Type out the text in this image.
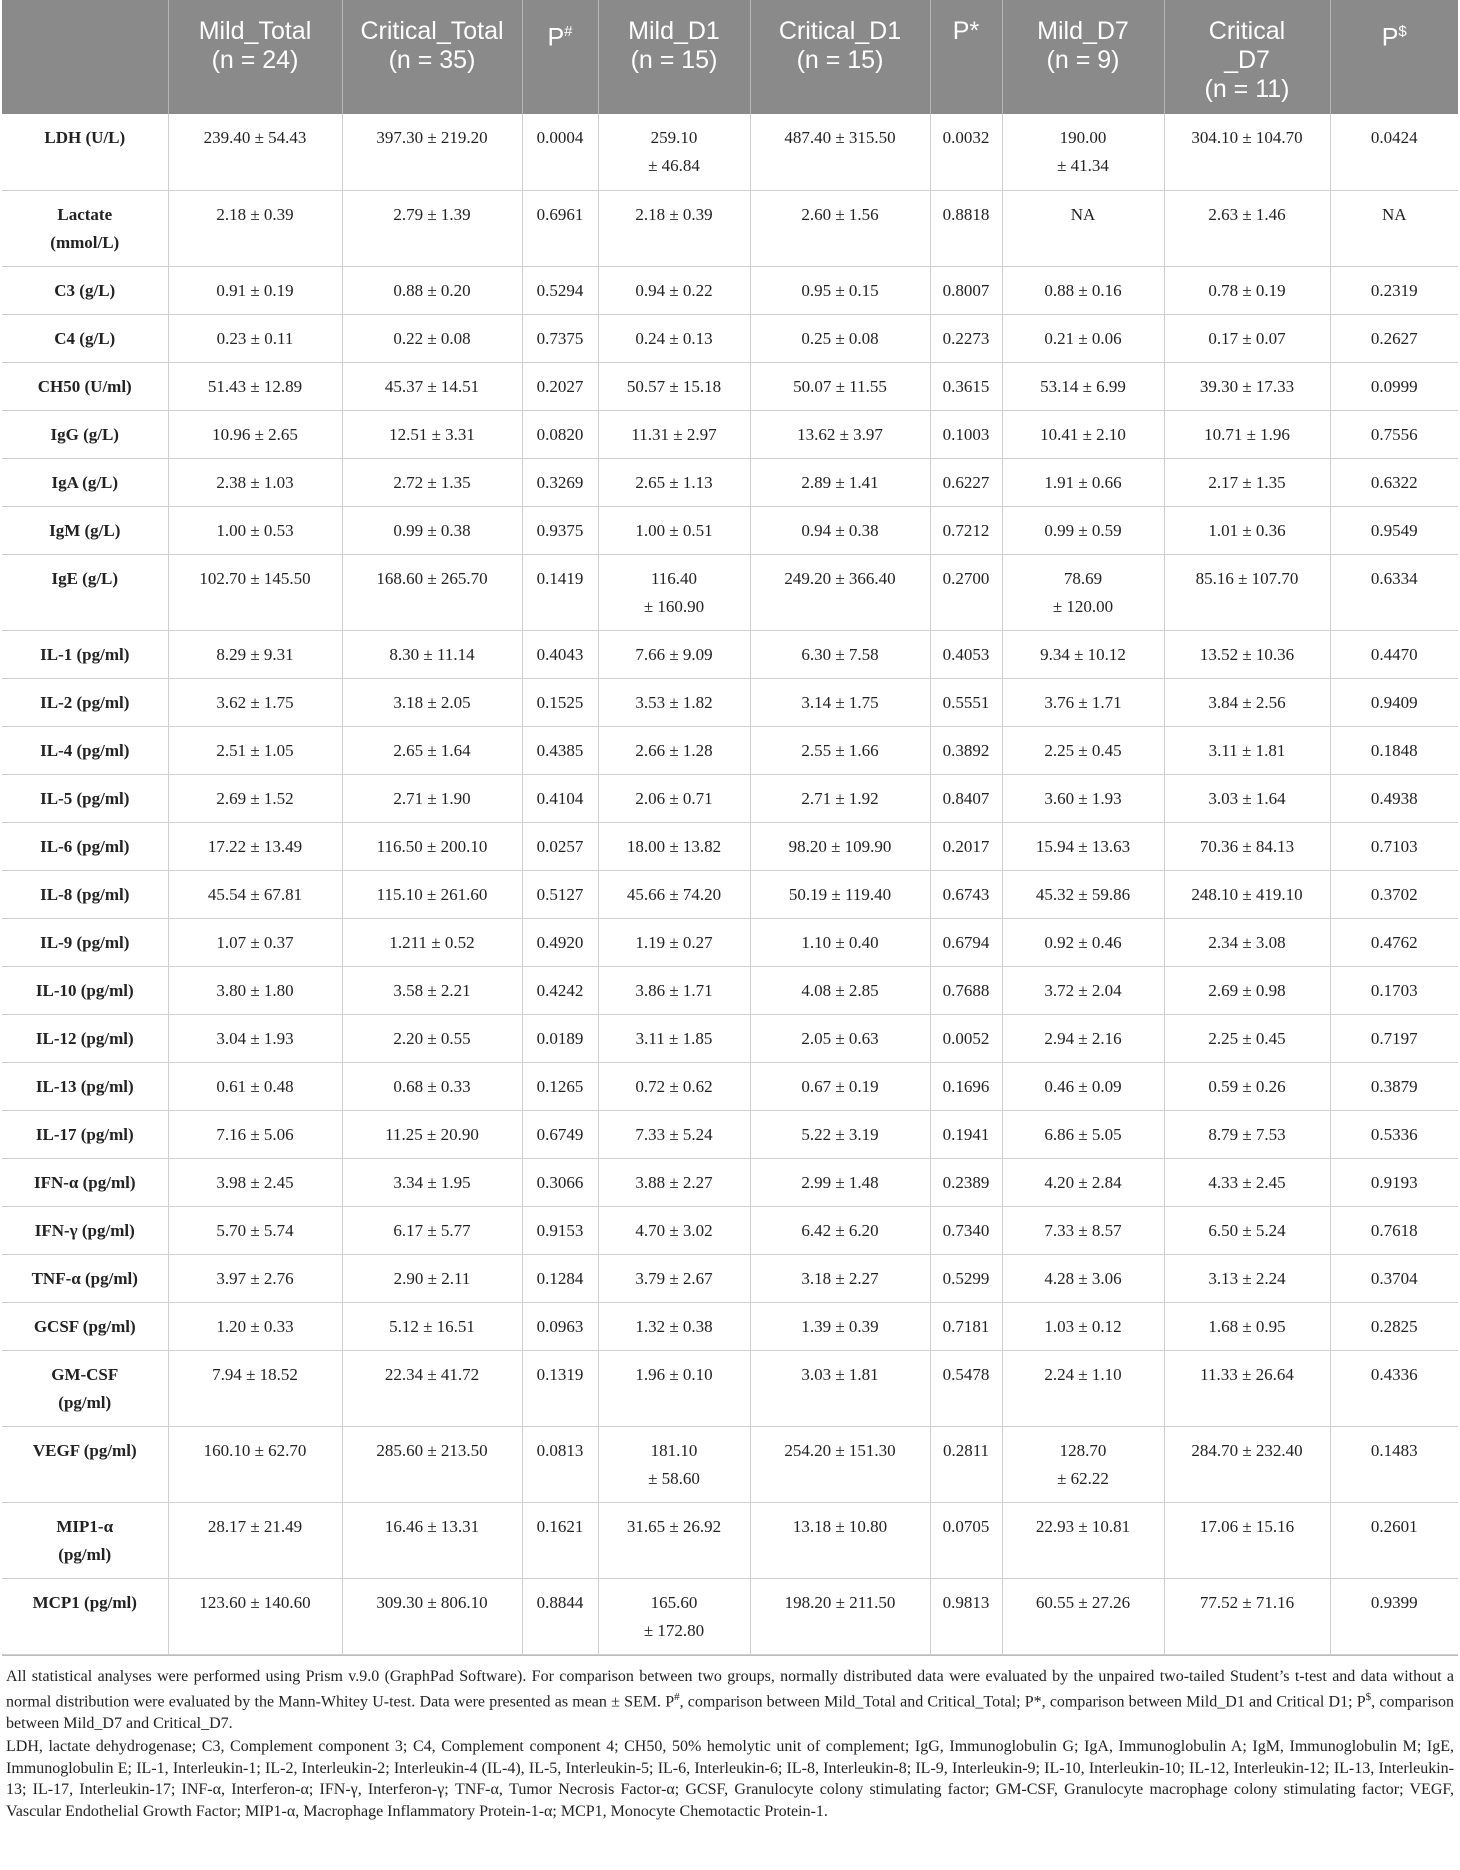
	Mild_Total
(n = 24)	Critical_Total
(n = 35)	P#	Mild_D1
(n = 15)	Critical_D1
(n = 15)	P*	Mild_D7
(n = 9)	Critical
_D7
(n = 11)	P$
LDH (U/L)	239.40 ± 54.43	397.30 ± 219.20	0.0004	259.10
± 46.84	487.40 ± 315.50	0.0032	190.00
± 41.34	304.10 ± 104.70	0.0424
Lactate
(mmol/L)	2.18 ± 0.39	2.79 ± 1.39	0.6961	2.18 ± 0.39	2.60 ± 1.56	0.8818	NA	2.63 ± 1.46	NA
C3 (g/L)	0.91 ± 0.19	0.88 ± 0.20	0.5294	0.94 ± 0.22	0.95 ± 0.15	0.8007	0.88 ± 0.16	0.78 ± 0.19	0.2319
C4 (g/L)	0.23 ± 0.11	0.22 ± 0.08	0.7375	0.24 ± 0.13	0.25 ± 0.08	0.2273	0.21 ± 0.06	0.17 ± 0.07	0.2627
CH50 (U/ml)	51.43 ± 12.89	45.37 ± 14.51	0.2027	50.57 ± 15.18	50.07 ± 11.55	0.3615	53.14 ± 6.99	39.30 ± 17.33	0.0999
IgG (g/L)	10.96 ± 2.65	12.51 ± 3.31	0.0820	11.31 ± 2.97	13.62 ± 3.97	0.1003	10.41 ± 2.10	10.71 ± 1.96	0.7556
IgA (g/L)	2.38 ± 1.03	2.72 ± 1.35	0.3269	2.65 ± 1.13	2.89 ± 1.41	0.6227	1.91 ± 0.66	2.17 ± 1.35	0.6322
IgM (g/L)	1.00 ± 0.53	0.99 ± 0.38	0.9375	1.00 ± 0.51	0.94 ± 0.38	0.7212	0.99 ± 0.59	1.01 ± 0.36	0.9549
IgE (g/L)	102.70 ± 145.50	168.60 ± 265.70	0.1419	116.40
± 160.90	249.20 ± 366.40	0.2700	78.69
± 120.00	85.16 ± 107.70	0.6334
IL-1 (pg/ml)	8.29 ± 9.31	8.30 ± 11.14	0.4043	7.66 ± 9.09	6.30 ± 7.58	0.4053	9.34 ± 10.12	13.52 ± 10.36	0.4470
IL-2 (pg/ml)	3.62 ± 1.75	3.18 ± 2.05	0.1525	3.53 ± 1.82	3.14 ± 1.75	0.5551	3.76 ± 1.71	3.84 ± 2.56	0.9409
IL-4 (pg/ml)	2.51 ± 1.05	2.65 ± 1.64	0.4385	2.66 ± 1.28	2.55 ± 1.66	0.3892	2.25 ± 0.45	3.11 ± 1.81	0.1848
IL-5 (pg/ml)	2.69 ± 1.52	2.71 ± 1.90	0.4104	2.06 ± 0.71	2.71 ± 1.92	0.8407	3.60 ± 1.93	3.03 ± 1.64	0.4938
IL-6 (pg/ml)	17.22 ± 13.49	116.50 ± 200.10	0.0257	18.00 ± 13.82	98.20 ± 109.90	0.2017	15.94 ± 13.63	70.36 ± 84.13	0.7103
IL-8 (pg/ml)	45.54 ± 67.81	115.10 ± 261.60	0.5127	45.66 ± 74.20	50.19 ± 119.40	0.6743	45.32 ± 59.86	248.10 ± 419.10	0.3702
IL-9 (pg/ml)	1.07 ± 0.37	1.211 ± 0.52	0.4920	1.19 ± 0.27	1.10 ± 0.40	0.6794	0.92 ± 0.46	2.34 ± 3.08	0.4762
IL-10 (pg/ml)	3.80 ± 1.80	3.58 ± 2.21	0.4242	3.86 ± 1.71	4.08 ± 2.85	0.7688	3.72 ± 2.04	2.69 ± 0.98	0.1703
IL-12 (pg/ml)	3.04 ± 1.93	2.20 ± 0.55	0.0189	3.11 ± 1.85	2.05 ± 0.63	0.0052	2.94 ± 2.16	2.25 ± 0.45	0.7197
IL-13 (pg/ml)	0.61 ± 0.48	0.68 ± 0.33	0.1265	0.72 ± 0.62	0.67 ± 0.19	0.1696	0.46 ± 0.09	0.59 ± 0.26	0.3879
IL-17 (pg/ml)	7.16 ± 5.06	11.25 ± 20.90	0.6749	7.33 ± 5.24	5.22 ± 3.19	0.1941	6.86 ± 5.05	8.79 ± 7.53	0.5336
IFN-α (pg/ml)	3.98 ± 2.45	3.34 ± 1.95	0.3066	3.88 ± 2.27	2.99 ± 1.48	0.2389	4.20 ± 2.84	4.33 ± 2.45	0.9193
IFN-γ (pg/ml)	5.70 ± 5.74	6.17 ± 5.77	0.9153	4.70 ± 3.02	6.42 ± 6.20	0.7340	7.33 ± 8.57	6.50 ± 5.24	0.7618
TNF-α (pg/ml)	3.97 ± 2.76	2.90 ± 2.11	0.1284	3.79 ± 2.67	3.18 ± 2.27	0.5299	4.28 ± 3.06	3.13 ± 2.24	0.3704
GCSF (pg/ml)	1.20 ± 0.33	5.12 ± 16.51	0.0963	1.32 ± 0.38	1.39 ± 0.39	0.7181	1.03 ± 0.12	1.68 ± 0.95	0.2825
GM-CSF
(pg/ml)	7.94 ± 18.52	22.34 ± 41.72	0.1319	1.96 ± 0.10	3.03 ± 1.81	0.5478	2.24 ± 1.10	11.33 ± 26.64	0.4336
VEGF (pg/ml)	160.10 ± 62.70	285.60 ± 213.50	0.0813	181.10
± 58.60	254.20 ± 151.30	0.2811	128.70
± 62.22	284.70 ± 232.40	0.1483
MIP1-α
(pg/ml)	28.17 ± 21.49	16.46 ± 13.31	0.1621	31.65 ± 26.92	13.18 ± 10.80	0.0705	22.93 ± 10.81	17.06 ± 15.16	0.2601
MCP1 (pg/ml)	123.60 ± 140.60	309.30 ± 806.10	0.8844	165.60
± 172.80	198.20 ± 211.50	0.9813	60.55 ± 27.26	77.52 ± 71.16	0.9399

All statistical analyses were performed using Prism v.9.0 (GraphPad Software). For comparison between two groups, normally distributed data were evaluated by the unpaired two-tailed Student’s t-test and data without a normal distribution were evaluated by the Mann-Whitey U-test. Data were presented as mean ± SEM. P#, comparison between Mild_Total and Critical_Total; P*, comparison between Mild_D1 and Critical D1; P$, comparison between Mild_D7 and Critical_D7.

LDH, lactate dehydrogenase; C3, Complement component 3; C4, Complement component 4; CH50, 50% hemolytic unit of complement; IgG, Immunoglobulin G; IgA, Immunoglobulin A; IgM, Immunoglobulin M; IgE, Immunoglobulin E; IL-1, Interleukin-1; IL-2, Interleukin-2; Interleukin-4 (IL-4), IL-5, Interleukin-5; IL-6, Interleukin-6; IL-8, Interleukin-8; IL-9, Interleukin-9; IL-10, Interleukin-10; IL-12, Interleukin-12; IL-13, Interleukin-13; IL-17, Interleukin-17; INF-α, Interferon-α; IFN-γ, Interferon-γ; TNF-α, Tumor Necrosis Factor-α; GCSF, Granulocyte colony stimulating factor; GM-CSF, Granulocyte macrophage colony stimulating factor; VEGF, Vascular Endothelial Growth Factor; MIP1-α, Macrophage Inflammatory Protein-1-α; MCP1, Monocyte Chemotactic Protein-1.
